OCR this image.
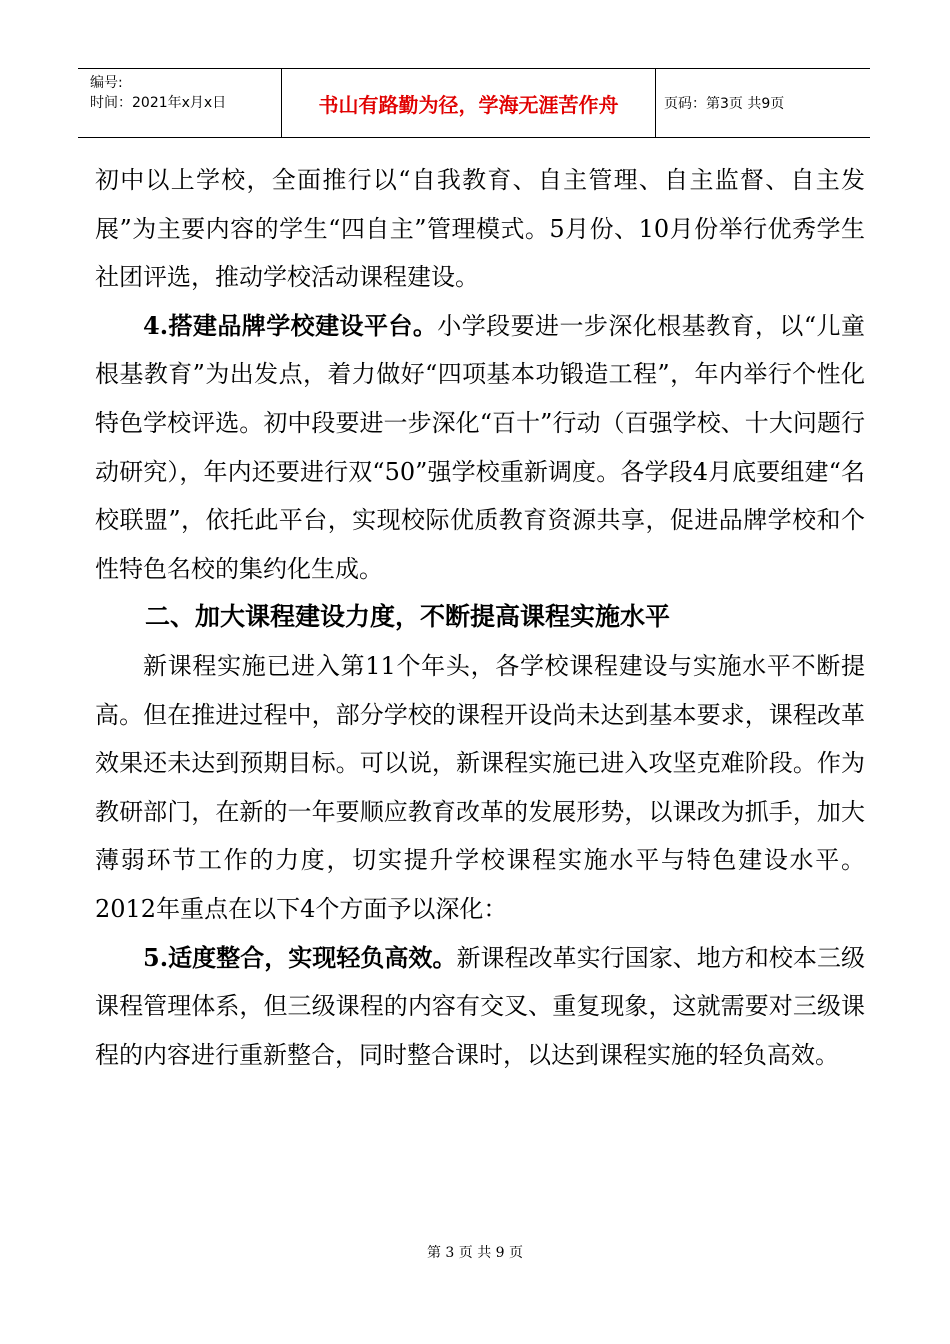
编号:
时间：2021年x月x日	书山有路勤为径，学海无涯苦作舟	页码：第3页 共9页

初中以上学校，全面推行以“自我教育、自主管理、自主监督、自主发展”为主要内容的学生“四自主”管理模式。5月份、10月份举行优秀学生社团评选，推动学校活动课程建设。

4.搭建品牌学校建设平台。小学段要进一步深化根基教育，以“儿童根基教育”为出发点，着力做好“四项基本功锻造工程”，年内举行个性化特色学校评选。初中段要进一步深化“百十”行动（百强学校、十大问题行动研究），年内还要进行双“50”强学校重新调度。各学段4月底要组建“名校联盟”，依托此平台，实现校际优质教育资源共享，促进品牌学校和个性特色名校的集约化生成。

二、加大课程建设力度，不断提高课程实施水平

新课程实施已进入第11个年头，各学校课程建设与实施水平不断提高。但在推进过程中，部分学校的课程开设尚未达到基本要求，课程改革效果还未达到预期目标。可以说，新课程实施已进入攻坚克难阶段。作为教研部门，在新的一年要顺应教育改革的发展形势，以课改为抓手，加大薄弱环节工作的力度，切实提升学校课程实施水平与特色建设水平。2012年重点在以下4个方面予以深化：

5.适度整合，实现轻负高效。新课程改革实行国家、地方和校本三级课程管理体系，但三级课程的内容有交叉、重复现象，这就需要对三级课程的内容进行重新整合，同时整合课时，以达到课程实施的轻负高效。

第 3 页 共 9 页
